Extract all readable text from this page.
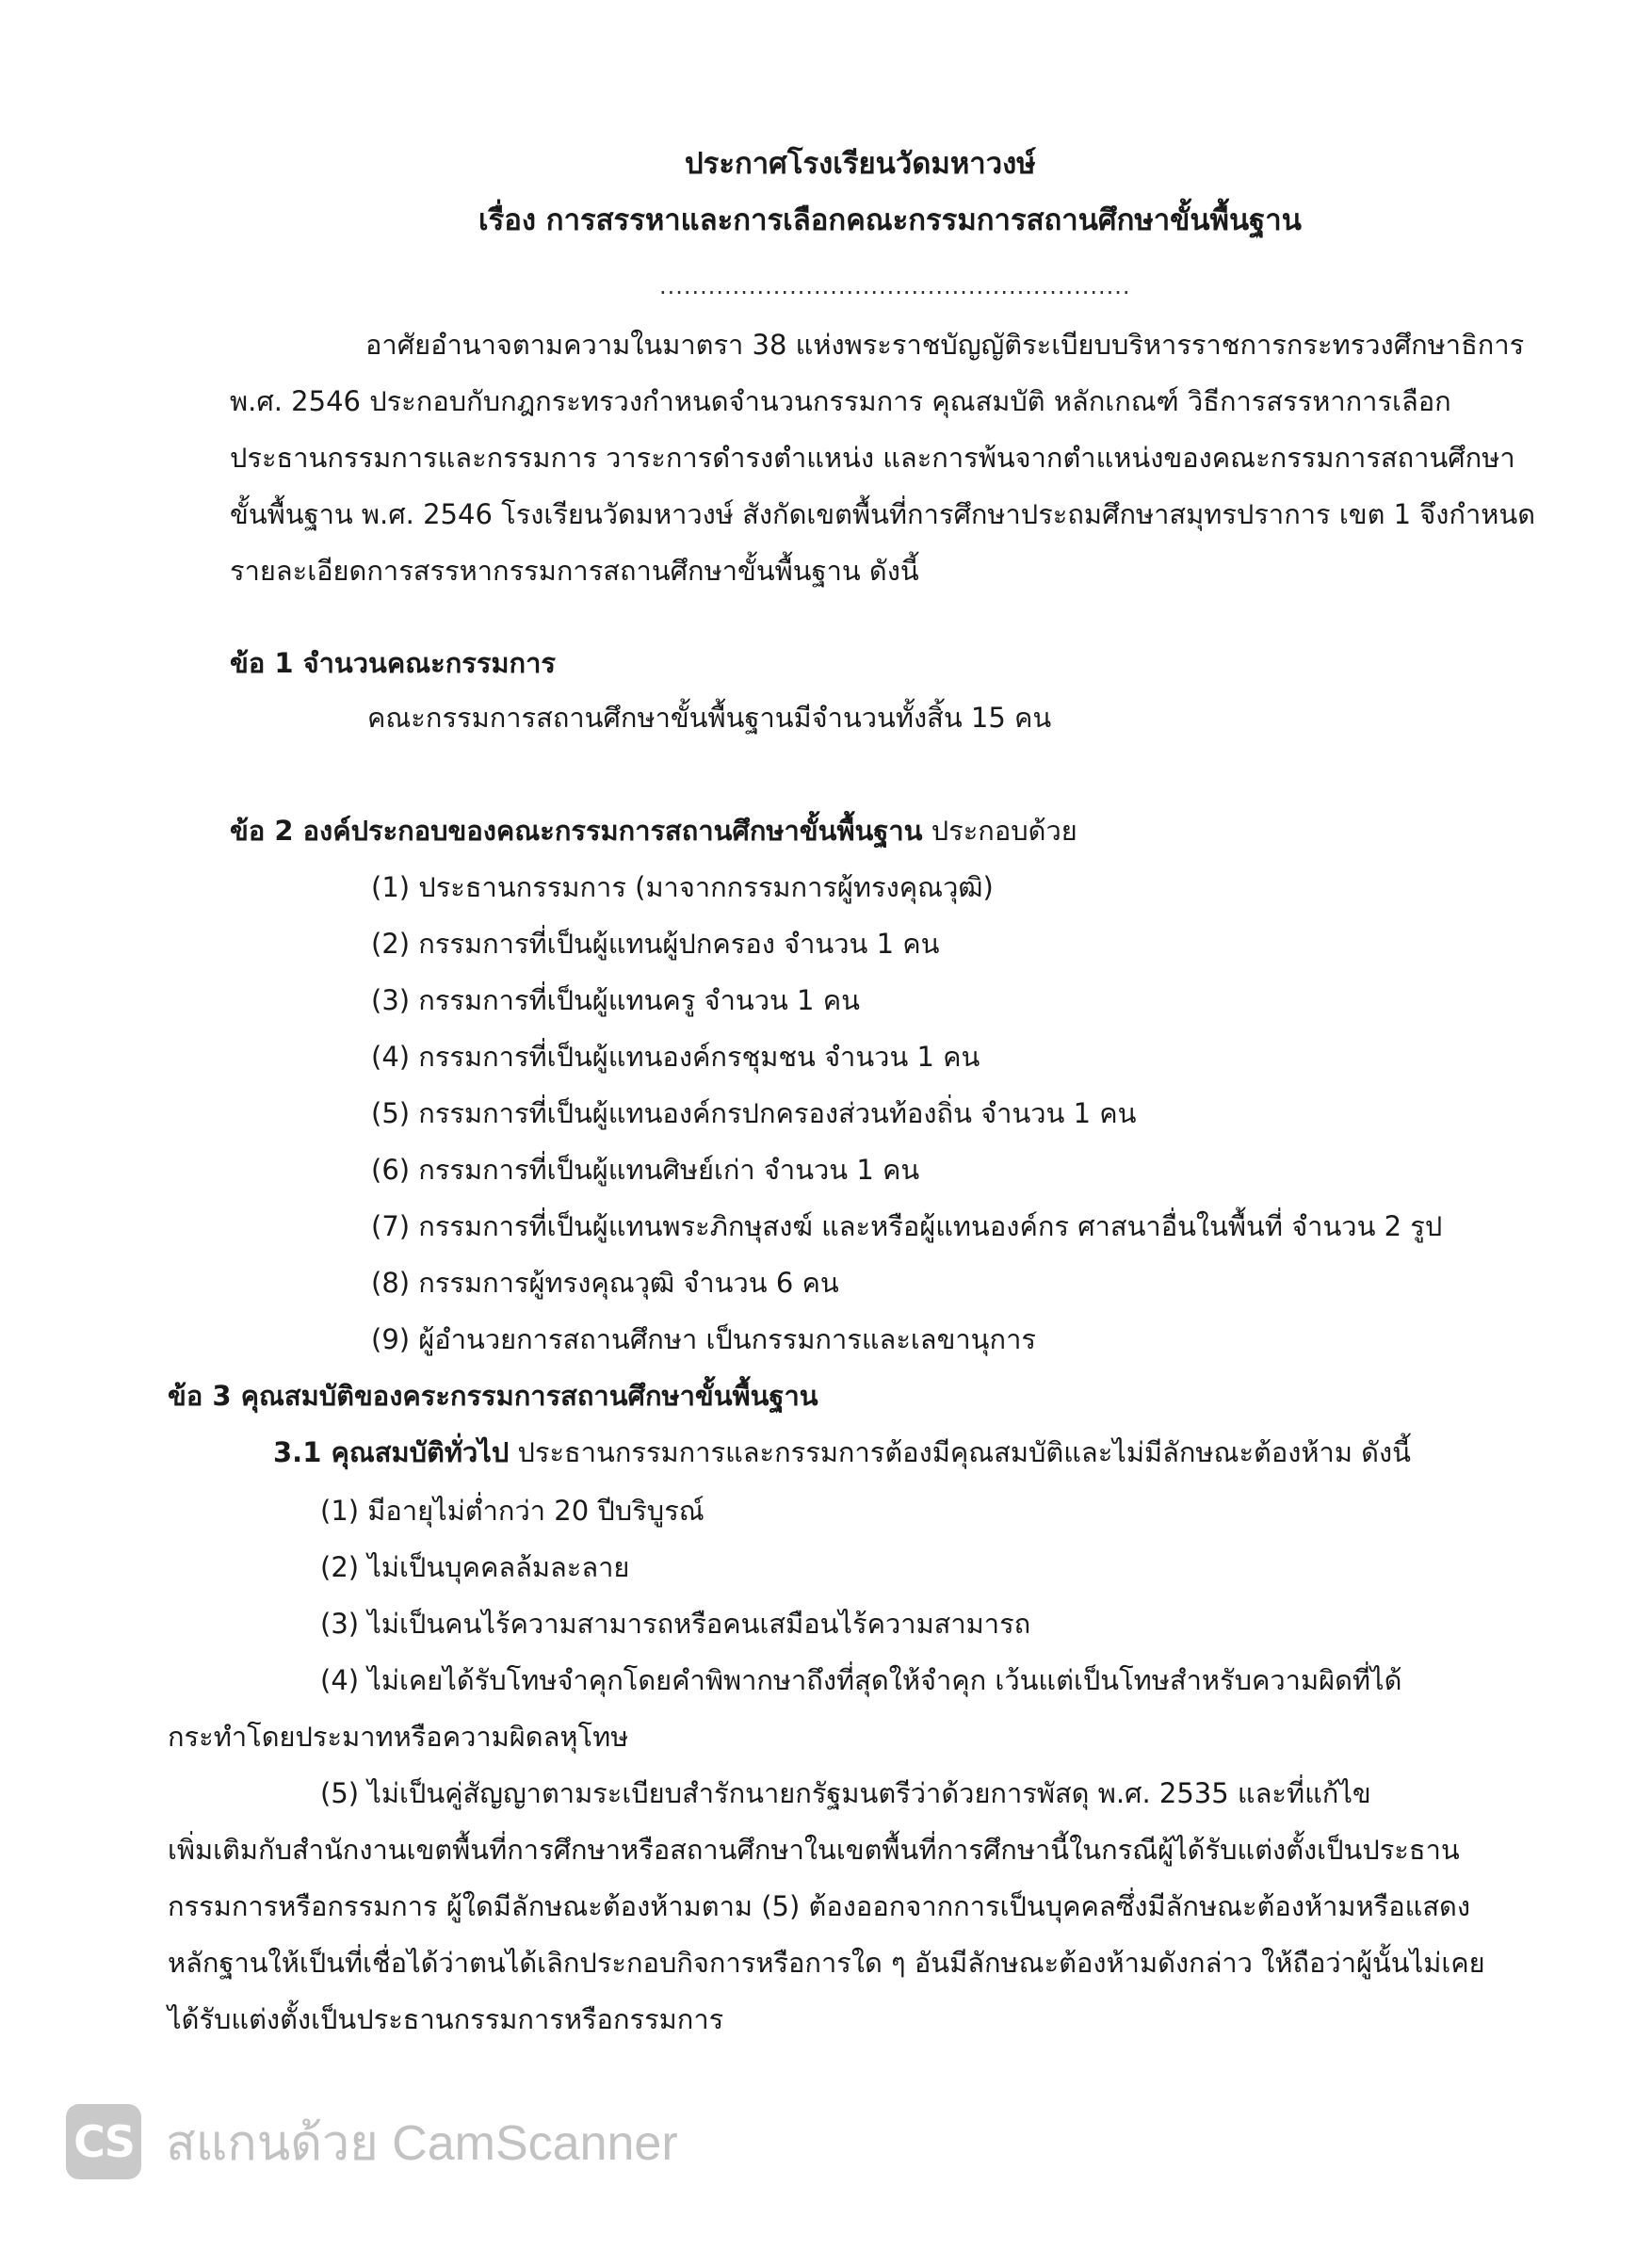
ประกาศโรงเรียนวัดมหาวงษ์
เรื่อง การสรรหาและการเลือกคณะกรรมการสถานศึกษาขั้นพื้นฐาน
..........................................................
อาศัยอำนาจตามความในมาตรา 38 แห่งพระราชบัญญัติระเบียบบริหารราชการกระทรวงศึกษาธิการ
พ.ศ. 2546 ประกอบกับกฎกระทรวงกำหนดจำนวนกรรมการ คุณสมบัติ หลักเกณฑ์ วิธีการสรรหาการเลือก
ประธานกรรมการและกรรมการ วาระการดำรงตำแหน่ง และการพ้นจากตำแหน่งของคณะกรรมการสถานศึกษา
ขั้นพื้นฐาน พ.ศ. 2546 โรงเรียนวัดมหาวงษ์ สังกัดเขตพื้นที่การศึกษาประถมศึกษาสมุทรปราการ เขต 1 จึงกำหนด
รายละเอียดการสรรหากรรมการสถานศึกษาขั้นพื้นฐาน ดังนี้
ข้อ 1 จำนวนคณะกรรมการ
คณะกรรมการสถานศึกษาขั้นพื้นฐานมีจำนวนทั้งสิ้น 15 คน
ข้อ 2 องค์ประกอบของคณะกรรมการสถานศึกษาขั้นพื้นฐาน ประกอบด้วย
(1) ประธานกรรมการ (มาจากกรรมการผู้ทรงคุณวุฒิ)
(2) กรรมการที่เป็นผู้แทนผู้ปกครอง จำนวน 1 คน
(3) กรรมการที่เป็นผู้แทนครู จำนวน 1 คน
(4) กรรมการที่เป็นผู้แทนองค์กรชุมชน จำนวน 1 คน
(5) กรรมการที่เป็นผู้แทนองค์กรปกครองส่วนท้องถิ่น จำนวน 1 คน
(6) กรรมการที่เป็นผู้แทนศิษย์เก่า จำนวน 1 คน
(7) กรรมการที่เป็นผู้แทนพระภิกษุสงฆ์ และหรือผู้แทนองค์กร ศาสนาอื่นในพื้นที่ จำนวน 2 รูป
(8) กรรมการผู้ทรงคุณวุฒิ จำนวน 6 คน
(9) ผู้อำนวยการสถานศึกษา เป็นกรรมการและเลขานุการ
ข้อ 3 คุณสมบัติของคระกรรมการสถานศึกษาขั้นพื้นฐาน
3.1 คุณสมบัติทั่วไป ประธานกรรมการและกรรมการต้องมีคุณสมบัติและไม่มีลักษณะต้องห้าม ดังนี้
(1) มีอายุไม่ต่ำกว่า 20 ปีบริบูรณ์
(2) ไม่เป็นบุคคลล้มละลาย
(3) ไม่เป็นคนไร้ความสามารถหรือคนเสมือนไร้ความสามารถ
(4) ไม่เคยได้รับโทษจำคุกโดยคำพิพากษาถึงที่สุดให้จำคุก เว้นแต่เป็นโทษสำหรับความผิดที่ได้
กระทำโดยประมาทหรือความผิดลหุโทษ
(5) ไม่เป็นคู่สัญญาตามระเบียบสำรักนายกรัฐมนตรีว่าด้วยการพัสดุ พ.ศ. 2535 และที่แก้ไข
เพิ่มเติมกับสำนักงานเขตพื้นที่การศึกษาหรือสถานศึกษาในเขตพื้นที่การศึกษานี้ในกรณีผู้ได้รับแต่งตั้งเป็นประธาน
กรรมการหรือกรรมการ ผู้ใดมีลักษณะต้องห้ามตาม (5) ต้องออกจากการเป็นบุคคลซึ่งมีลักษณะต้องห้ามหรือแสดง
หลักฐานให้เป็นที่เชื่อได้ว่าตนได้เลิกประกอบกิจการหรือการใด ๆ อันมีลักษณะต้องห้ามดังกล่าว ให้ถือว่าผู้นั้นไม่เคย
ได้รับแต่งตั้งเป็นประธานกรรมการหรือกรรมการ
CS สแกนด้วย CamScanner
